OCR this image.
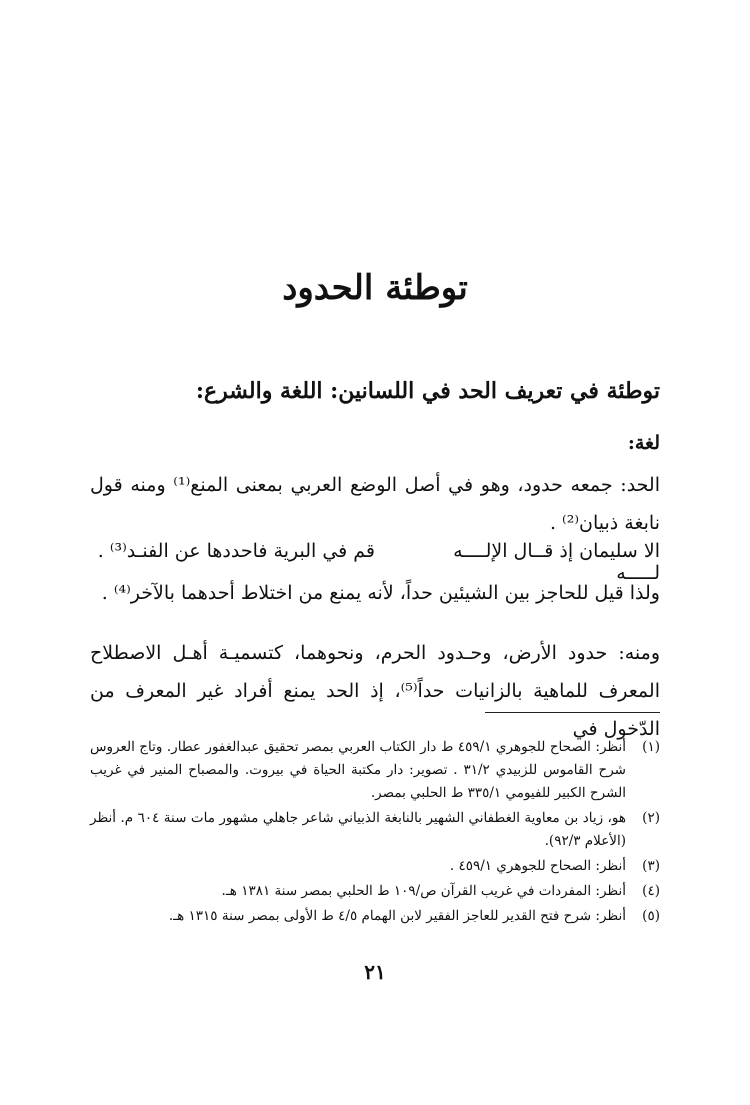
توطئة الحدود
توطئة في تعريف الحد في اللسانين: اللغة والشرع:
لغة:
الحد: جمعه حدود، وهو في أصل الوضع العربي بمعنى المنع⁽¹⁾ ومنه قول نابغة ذبيان⁽²⁾ .
الا سليمان إذ قــال الإلــــه لـــــه
قم في البرية فاحددها عن الفنـد⁽³⁾ .
ولذا قيل للحاجز بين الشيئين حداً، لأنه يمنع من اختلاط أحدهما بالآخر⁽⁴⁾ .
ومنه: حدود الأرض، وحـدود الحرم، ونحوهما، كتسميـة أهـل الاصطلاح المعرف للماهية بالزانيات حداً⁽⁵⁾، إذ الحد يمنع أفراد غير المعرف من الدّخول في
(١)
أنظر: الصحاح للجوهري ٤٥٩/١ ط دار الكتاب العربي بمصر تحقيق عبدالغفور عطار. وتاج العروس شرح القاموس للزبيدي ٣١/٢ . تصوير: دار مكتبة الحياة في بيروت. والمصباح المنير في غريب الشرح الكبير للفيومي ٣٣٥/١ ط الحلبي بمصر.
(٢)
هو، زياد بن معاوية الغطفاني الشهير بالنابغة الذبياني شاعر جاهلي مشهور مات سنة ٦٠٤ م. أنظر (الأعلام ٩٢/٣).
(٣)
أنظر: الصحاح للجوهري ٤٥٩/١ .
(٤)
أنظر: المفردات في غريب القرآن ص/١٠٩ ط الحلبي بمصر سنة ١٣٨١ هـ.
(٥)
أنظر: شرح فتح القدير للعاجز الفقير لابن الهمام ٤/٥ ط الأولى بمصر سنة ١٣١٥ هـ.
٢١
